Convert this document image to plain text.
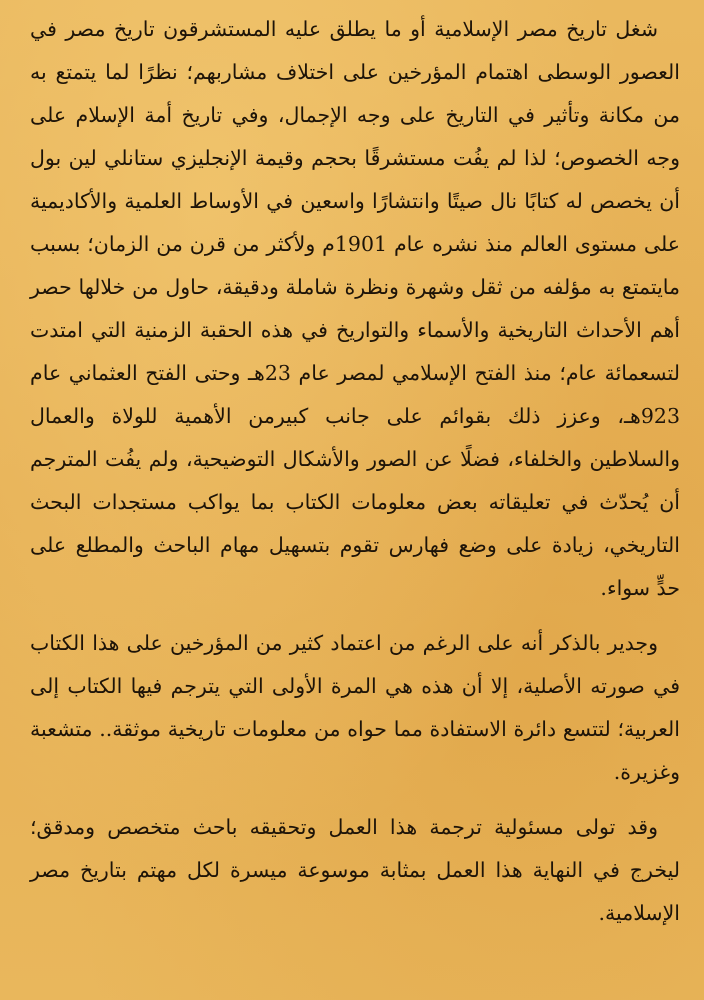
شغل تاريخ مصر الإسلامية أو ما يطلق عليه المستشرقون تاريخ مصر في العصور الوسطى اهتمام المؤرخين على اختلاف مشاربهم؛ نظرًا لما يتمتع به من مكانة وتأثير في التاريخ على وجه الإجمال، وفي تاريخ أمة الإسلام على وجه الخصوص؛ لذا لم يفُت مستشرقًا بحجم وقيمة الإنجليزي ستانلي لين بول أن يخصص له كتابًا نال صيتًا وانتشارًا واسعين في الأوساط العلمية والأكاديمية على مستوى العالم منذ نشره عام 1901م ولأكثر من قرن من الزمان؛ بسبب مايتمتع به مؤلفه من ثقل وشهرة ونظرة شاملة ودقيقة، حاول من خلالها حصر أهم الأحداث التاريخية والأسماء والتواريخ في هذه الحقبة الزمنية التي امتدت لتسعمائة عام؛ منذ الفتح الإسلامي لمصر عام 23هـ وحتى الفتح العثماني عام 923هـ، وعزز ذلك بقوائم على جانب كبيرمن الأهمية للولاة والعمال والسلاطين والخلفاء، فضلًا عن الصور والأشكال التوضيحية، ولم يفُت المترجم أن يُحدّث في تعليقاته بعض معلومات الكتاب بما يواكب مستجدات البحث التاريخي، زيادة على وضع فهارس تقوم بتسهيل مهام الباحث والمطلع على حدٍّ سواء.

وجدير بالذكر أنه على الرغم من اعتماد كثير من المؤرخين على هذا الكتاب في صورته الأصلية، إلا أن هذه هي المرة الأولى التي يترجم فيها الكتاب إلى العربية؛ لتتسع دائرة الاستفادة مما حواه من معلومات تاريخية موثقة.. متشعبة وغزيرة.

وقد تولى مسئولية ترجمة هذا العمل وتحقيقه باحث متخصص ومدقق؛ ليخرج في النهاية هذا العمل بمثابة موسوعة ميسرة لكل مهتم بتاريخ مصر الإسلامية.
